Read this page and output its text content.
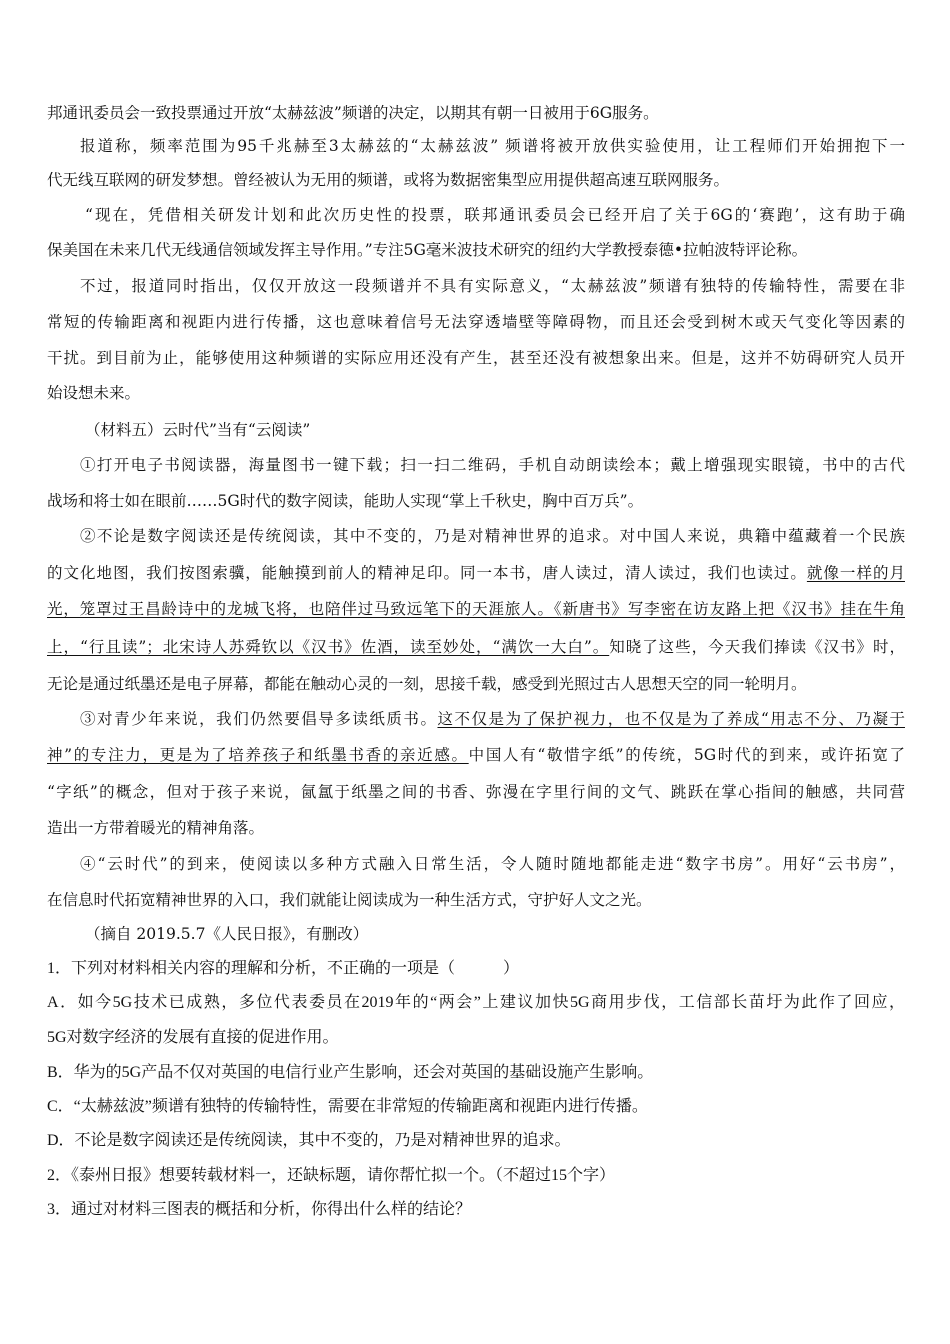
邦通讯委员会一致投票通过开放“太赫兹波”频谱的决定，以期其有朝一日被用于6G服务。
报道称，频率范围为95千兆赫至3太赫兹的“太赫兹波” 频谱将被开放供实验使用，让工程师们开始拥抱下一
代无线互联网的研发梦想。曾经被认为无用的频谱，或将为数据密集型应用提供超高速互联网服务。
“现在，凭借相关研发计划和此次历史性的投票，联邦通讯委员会已经开启了关于6G的‘赛跑’，这有助于确
保美国在未来几代无线通信领域发挥主导作用。”专注5G毫米波技术研究的纽约大学教授泰德•拉帕波特评论称。
不过，报道同时指出，仅仅开放这一段频谱并不具有实际意义，“太赫兹波”频谱有独特的传输特性，需要在非
常短的传输距离和视距内进行传播，这也意味着信号无法穿透墙壁等障碍物，而且还会受到树木或天气变化等因素的
干扰。到目前为止，能够使用这种频谱的实际应用还没有产生，甚至还没有被想象出来。但是，这并不妨碍研究人员开
始设想未来。
（材料五）云时代”当有“云阅读”
①打开电子书阅读器，海量图书一键下载；扫一扫二维码，手机自动朗读绘本；戴上增强现实眼镜，书中的古代
战场和将士如在眼前……5G时代的数字阅读，能助人实现“掌上千秋史，胸中百万兵”。
②不论是数字阅读还是传统阅读，其中不变的，乃是对精神世界的追求。对中国人来说，典籍中蕴藏着一个民族
的文化地图，我们按图索骥，能触摸到前人的精神足印。同一本书，唐人读过，清人读过，我们也读过。就像一样的月
光，笼罩过王昌龄诗中的龙城飞将，也陪伴过马致远笔下的天涯旅人。《新唐书》写李密在访友路上把《汉书》挂在牛角
上，“行且读”；北宋诗人苏舜钦以《汉书》佐酒，读至妙处，“满饮一大白”。知晓了这些，今天我们捧读《汉书》时，
无论是通过纸墨还是电子屏幕，都能在触动心灵的一刻，思接千载，感受到光照过古人思想天空的同一轮明月。
③对青少年来说，我们仍然要倡导多读纸质书。这不仅是为了保护视力，也不仅是为了养成“用志不分、乃凝于
神”的专注力，更是为了培养孩子和纸墨书香的亲近感。中国人有“敬惜字纸”的传统，5G时代的到来，或许拓宽了
“字纸”的概念，但对于孩子来说，氤氲于纸墨之间的书香、弥漫在字里行间的文气、跳跃在掌心指间的触感，共同营
造出一方带着暖光的精神角落。
④“云时代”的到来，使阅读以多种方式融入日常生活，令人随时随地都能走进“数字书房”。用好“云书房”，
在信息时代拓宽精神世界的入口，我们就能让阅读成为一种生活方式，守护好人文之光。
（摘自 2019.5.7《人民日报》，有删改）
1．下列对材料相关内容的理解和分析，不正确的一项是（　　　）
A．如今5G技术已成熟，多位代表委员在2019年的“两会”上建议加快5G商用步伐，工信部长苗圩为此作了回应，
5G对数字经济的发展有直接的促进作用。
B．华为的5G产品不仅对英国的电信行业产生影响，还会对英国的基础设施产生影响。
C．“太赫兹波”频谱有独特的传输特性，需要在非常短的传输距离和视距内进行传播。
D．不论是数字阅读还是传统阅读，其中不变的，乃是对精神世界的追求。
2．《泰州日报》想要转载材料一，还缺标题，请你帮忙拟一个。（不超过15个字）
3．通过对材料三图表的概括和分析，你得出什么样的结论？
